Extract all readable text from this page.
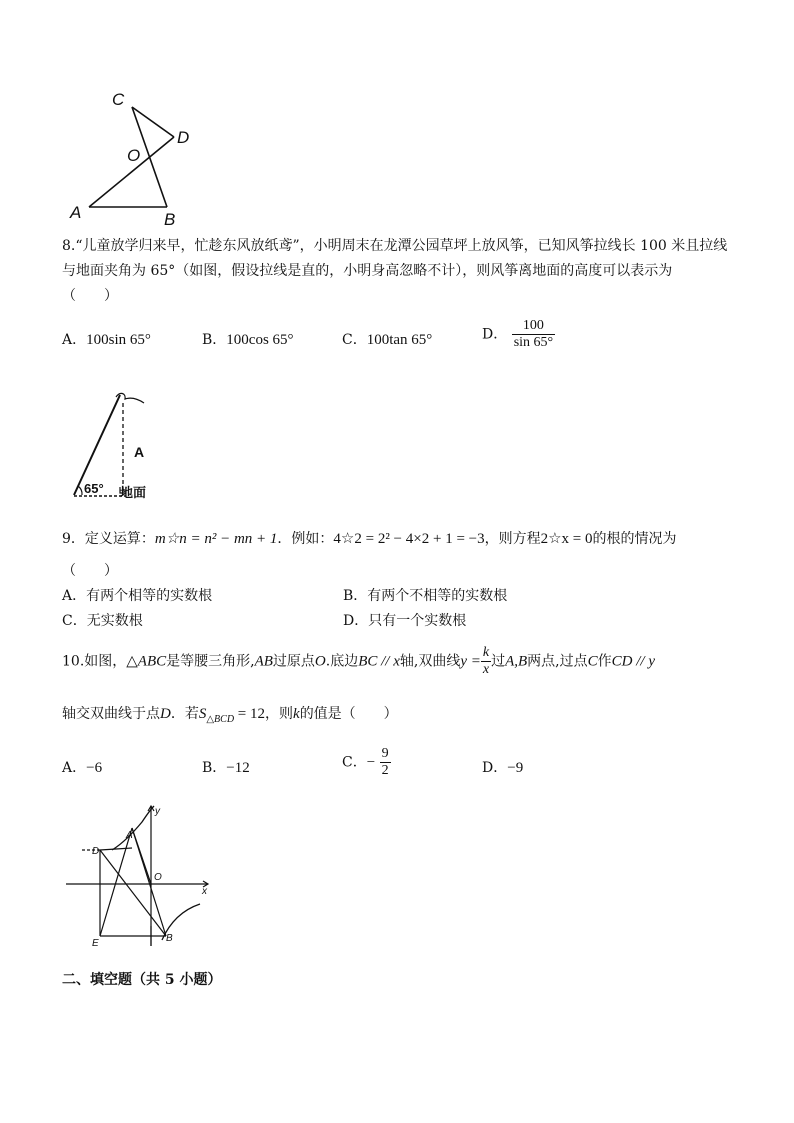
C
O
D
A	B
8.“儿童放学归来早，忙趁东风放纸鸢”，小明周末在龙潭公园草坪上放风筝，已知风筝拉线长 100 米且拉线
与地面夹角为 65°（如图，假设拉线是直的，小明身高忽略不计），则风筝离地面的高度可以表示为
（　　）
A．100sin 65°	B．100cos 65°	C．100tan 65°	D． $\frac{100}{\sin 65^\circ}$
65°
A
地面
9．定义运算：m☆n = n² − mn + 1．例如：4☆2 = 2² − 4×2 + 1 = −3，则方程2☆x = 0的根的情况为
（　　）
A．有两个相等的实数根	B．有两个不相等的实数根
C．无实数根	D．只有一个实数根
10.如图，△ABC是等腰三角形,AB过原点O.底边BC // x轴,双曲线$y = \frac{k}{x}$ 过A,B两点,过点C作CD // y
轴交双曲线于点D．若$S_{\triangle BCD} = 12$，则k的值是（　　）
A．−6	B．−12	C．− $\frac{9}{2}$	D．−9
y
A
D
O
x
E	B
二、填空题（共 5 小题）
